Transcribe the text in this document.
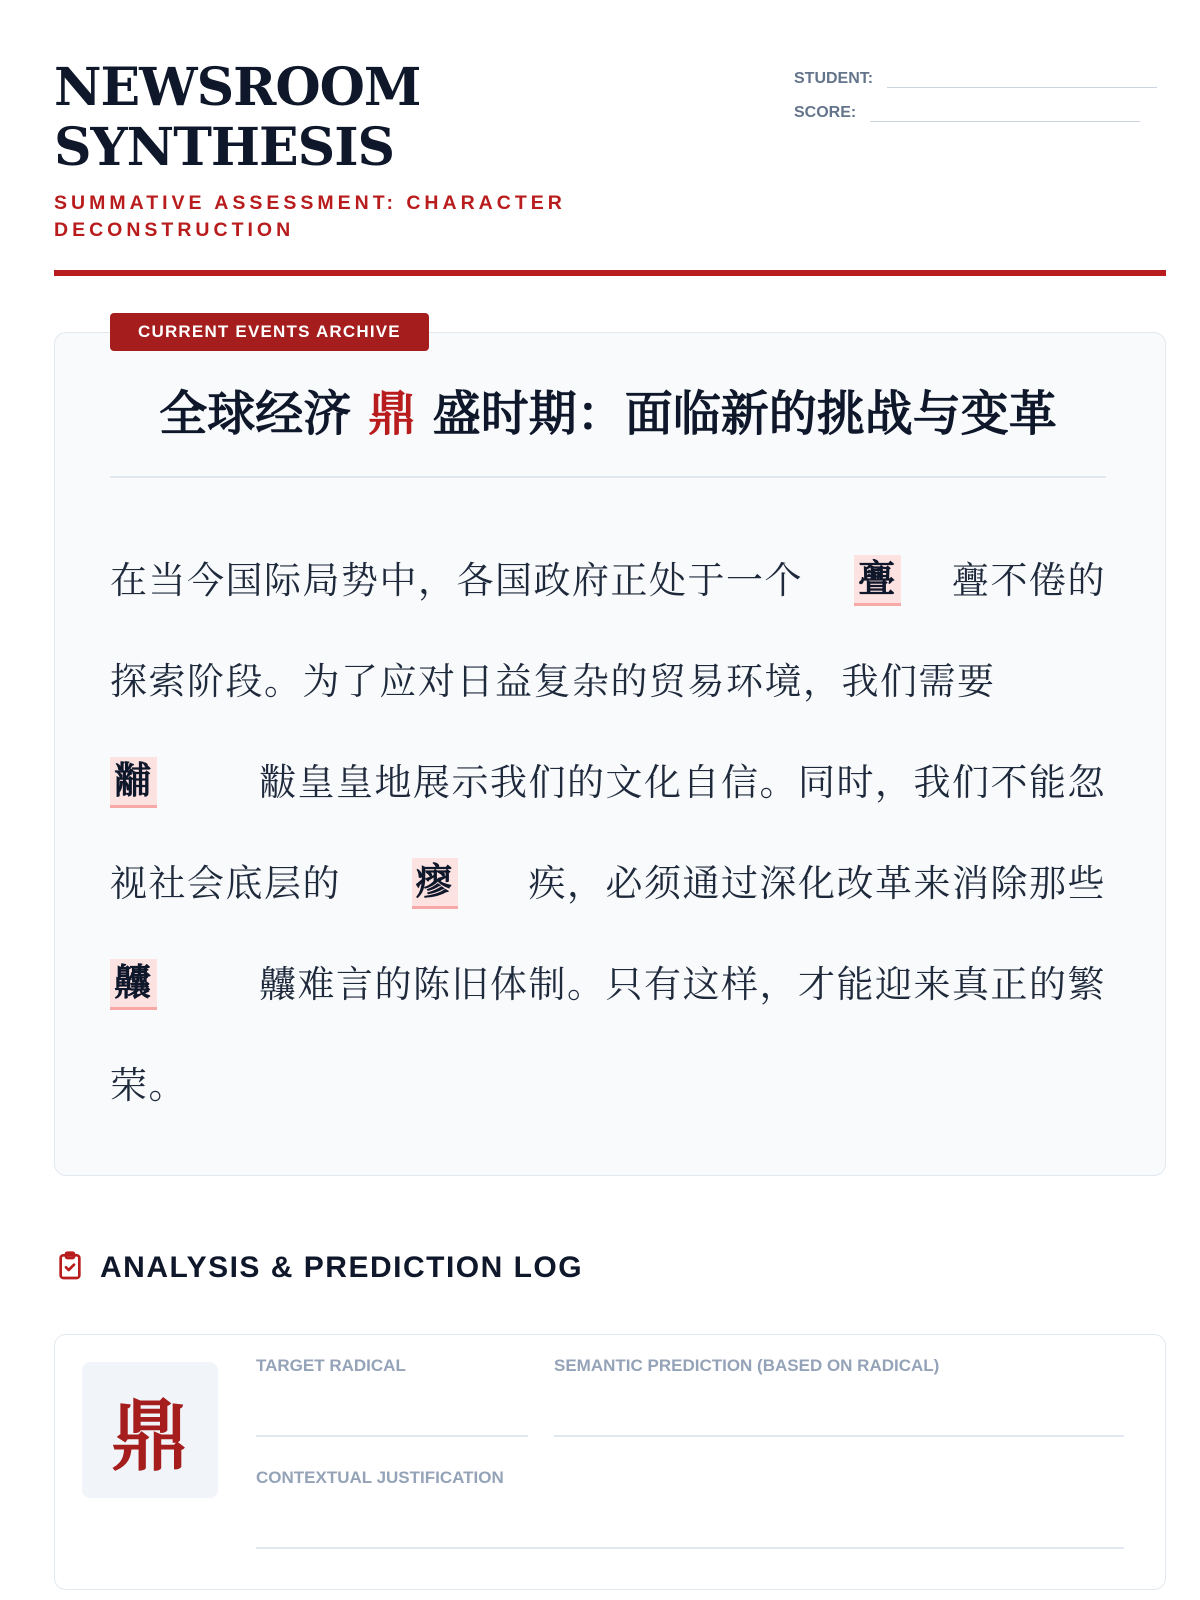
NEWSROOM
SYNTHESIS
SUMMATIVE ASSESSMENT: CHARACTER
DECONSTRUCTION
STUDENT:
SCORE:
CURRENT EVENTS ARCHIVE
全球经济 鼎 盛时期：面临新的挑战与变革
在当今国际局势中，各国政府正处于一个 亹 亹不倦的
探索阶段。为了应对日益复杂的贸易环境，我们需要
黼	黻皇皇地展示我们的文化自信。同时，我们不能忽
视社会底层的 瘳 疾，必须通过深化改革来消除那些
齉	齉难言的陈旧体制。只有这样，才能迎来真正的繁
荣。
ANALYSIS & PREDICTION LOG
鼎
TARGET RADICAL	SEMANTIC PREDICTION (BASED ON RADICAL)
CONTEXTUAL JUSTIFICATION
